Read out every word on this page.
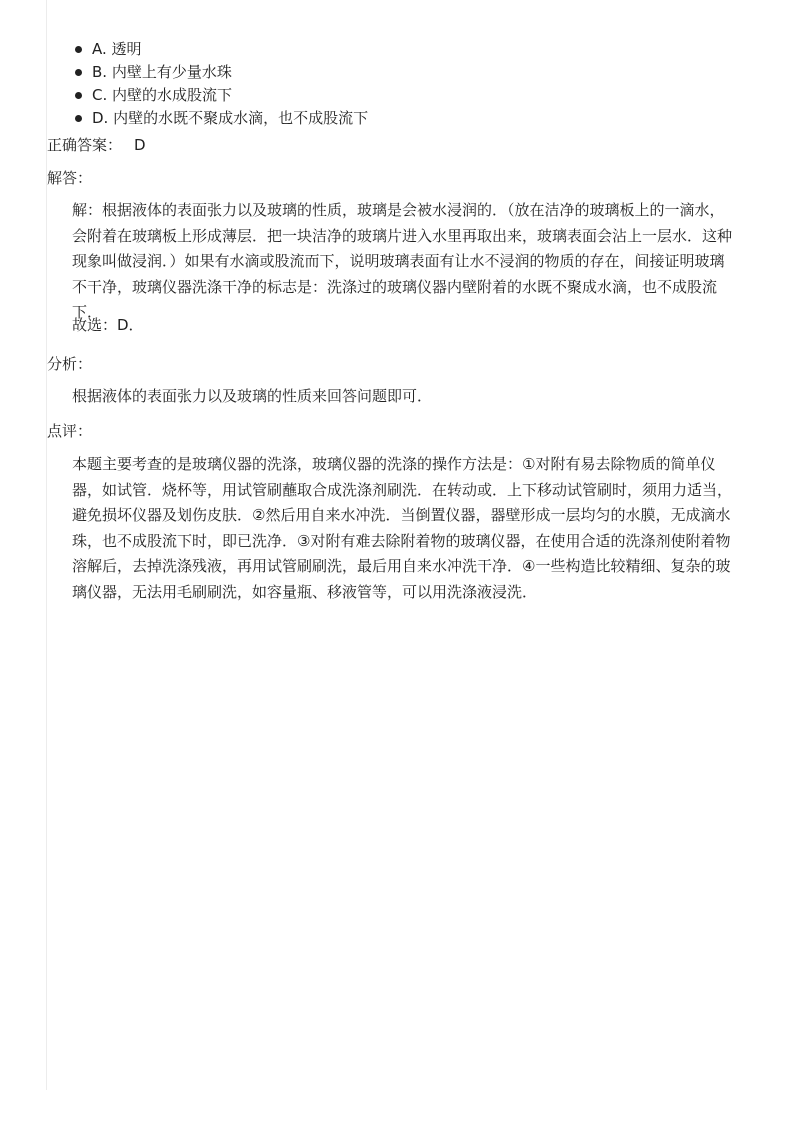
A. 透明
B. 内壁上有少量水珠
C. 内壁的水成股流下
D. 内壁的水既不聚成水滴，也不成股流下
正确答案： D
解答：

解：根据液体的表面张力以及玻璃的性质，玻璃是会被水浸润的．（放在洁净的玻璃板上的一滴水，会附着在玻璃板上形成薄层．把一块洁净的玻璃片进入水里再取出来，玻璃表面会沾上一层水．这种现象叫做浸润．）如果有水滴或股流而下，说明玻璃表面有让水不浸润的物质的存在，间接证明玻璃不干净，玻璃仪器洗涤干净的标志是：洗涤过的玻璃仪器内壁附着的水既不聚成水滴，也不成股流下．

故选：D．

分析：

根据液体的表面张力以及玻璃的性质来回答问题即可．

点评：

本题主要考查的是玻璃仪器的洗涤，玻璃仪器的洗涤的操作方法是：①对附有易去除物质的简单仪器，如试管．烧杯等，用试管刷蘸取合成洗涤剂刷洗．在转动或．上下移动试管刷时，须用力适当，避免损坏仪器及划伤皮肤．②然后用自来水冲洗．当倒置仪器，器壁形成一层均匀的水膜，无成滴水珠，也不成股流下时，即已洗净．③对附有难去除附着物的玻璃仪器，在使用合适的洗涤剂使附着物溶解后，去掉洗涤残液，再用试管刷刷洗，最后用自来水冲洗干净．④一些构造比较精细、复杂的玻璃仪器，无法用毛刷刷洗，如容量瓶、移液管等，可以用洗涤液浸洗．
